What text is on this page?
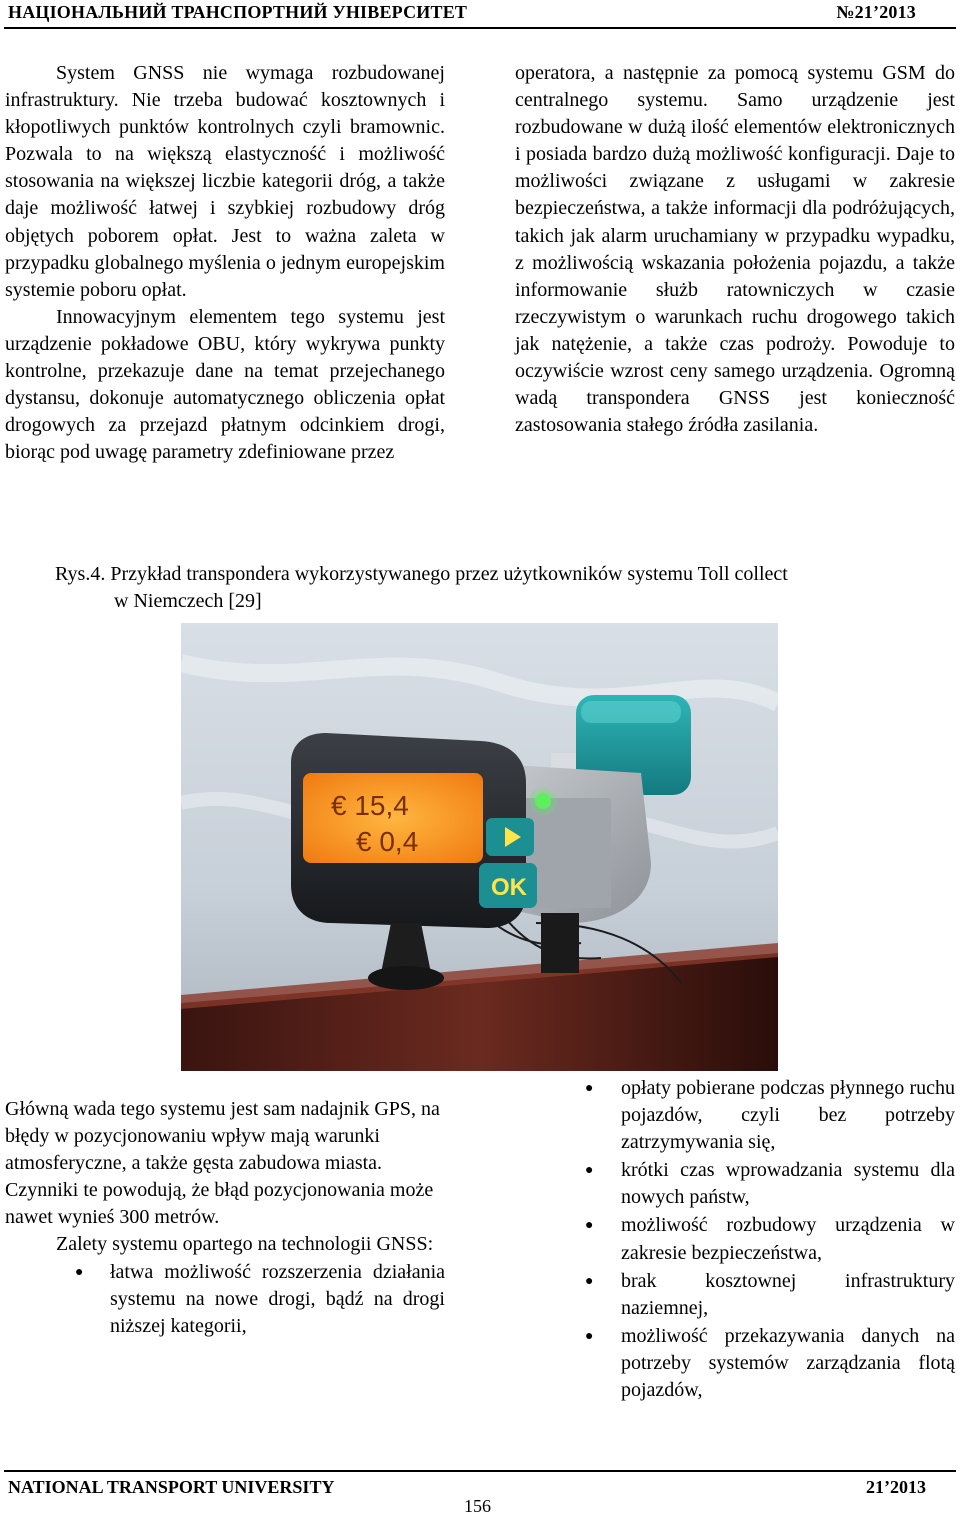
НАЦІОНАЛЬНИЙ ТРАНСПОРТНИЙ УНІВЕРСИТЕТ	№21’2013

System GNSS nie wymaga rozbudowanej infrastruktury. Nie trzeba budować kosztownych i kłopotliwych punktów kontrolnych czyli bramownic. Pozwala to na większą elastyczność i możliwość stosowania na większej liczbie kategorii dróg, a także daje możliwość łatwej i szybkiej rozbudowy dróg objętych poborem opłat. Jest to ważna zaleta w przypadku globalnego myślenia o jednym europejskim systemie poboru opłat.

Innowacyjnym elementem tego systemu jest urządzenie pokładowe OBU, który wykrywa punkty kontrolne, przekazuje dane na temat przejechanego dystansu, dokonuje automatycznego obliczenia opłat drogowych za przejazd płatnym odcinkiem drogi, biorąc pod uwagę parametry zdefiniowane przez

operatora, a następnie za pomocą systemu GSM do centralnego systemu. Samo urządzenie jest rozbudowane w dużą ilość elementów elektronicznych i posiada bardzo dużą możliwość konfiguracji. Daje to możliwości związane z usługami w zakresie bezpieczeństwa, a także informacji dla podróżujących, takich jak alarm uruchamiany w przypadku wypadku, z możliwością wskazania położenia pojazdu, a także informowanie służb ratowniczych w czasie rzeczywistym o warunkach ruchu drogowego takich jak natężenie, a także czas podroży. Powoduje to oczywiście wzrost ceny samego urządzenia. Ogromną wadą transpondera GNSS jest konieczność zastosowania stałego źródła zasilania.

Rys.4. Przykład transpondera wykorzystywanego przez użytkowników systemu Toll collect
w Niemczech [29]
€ 15,4
€ 0,4
OK

Główną wada tego systemu jest sam nadajnik GPS, na błędy w pozycjonowaniu wpływ mają warunki atmosferyczne, a także gęsta zabudowa miasta. Czynniki te powodują, że błąd pozycjonowania może nawet wynieś 300 metrów.

Zalety systemu opartego na technologii GNSS:

● łatwa możliwość rozszerzenia działania systemu na nowe drogi, bądź na drogi niższej kategorii,
● opłaty pobierane podczas płynnego ruchu pojazdów, czyli bez potrzeby zatrzymywania się,
● krótki czas wprowadzania systemu dla nowych państw,
● możliwość rozbudowy urządzenia w zakresie bezpieczeństwa,
● brak kosztownej infrastruktury naziemnej,
● możliwość przekazywania danych na potrzeby systemów zarządzania flotą pojazdów,
NATIONAL TRANSPORT UNIVERSITY	21’2013
156
